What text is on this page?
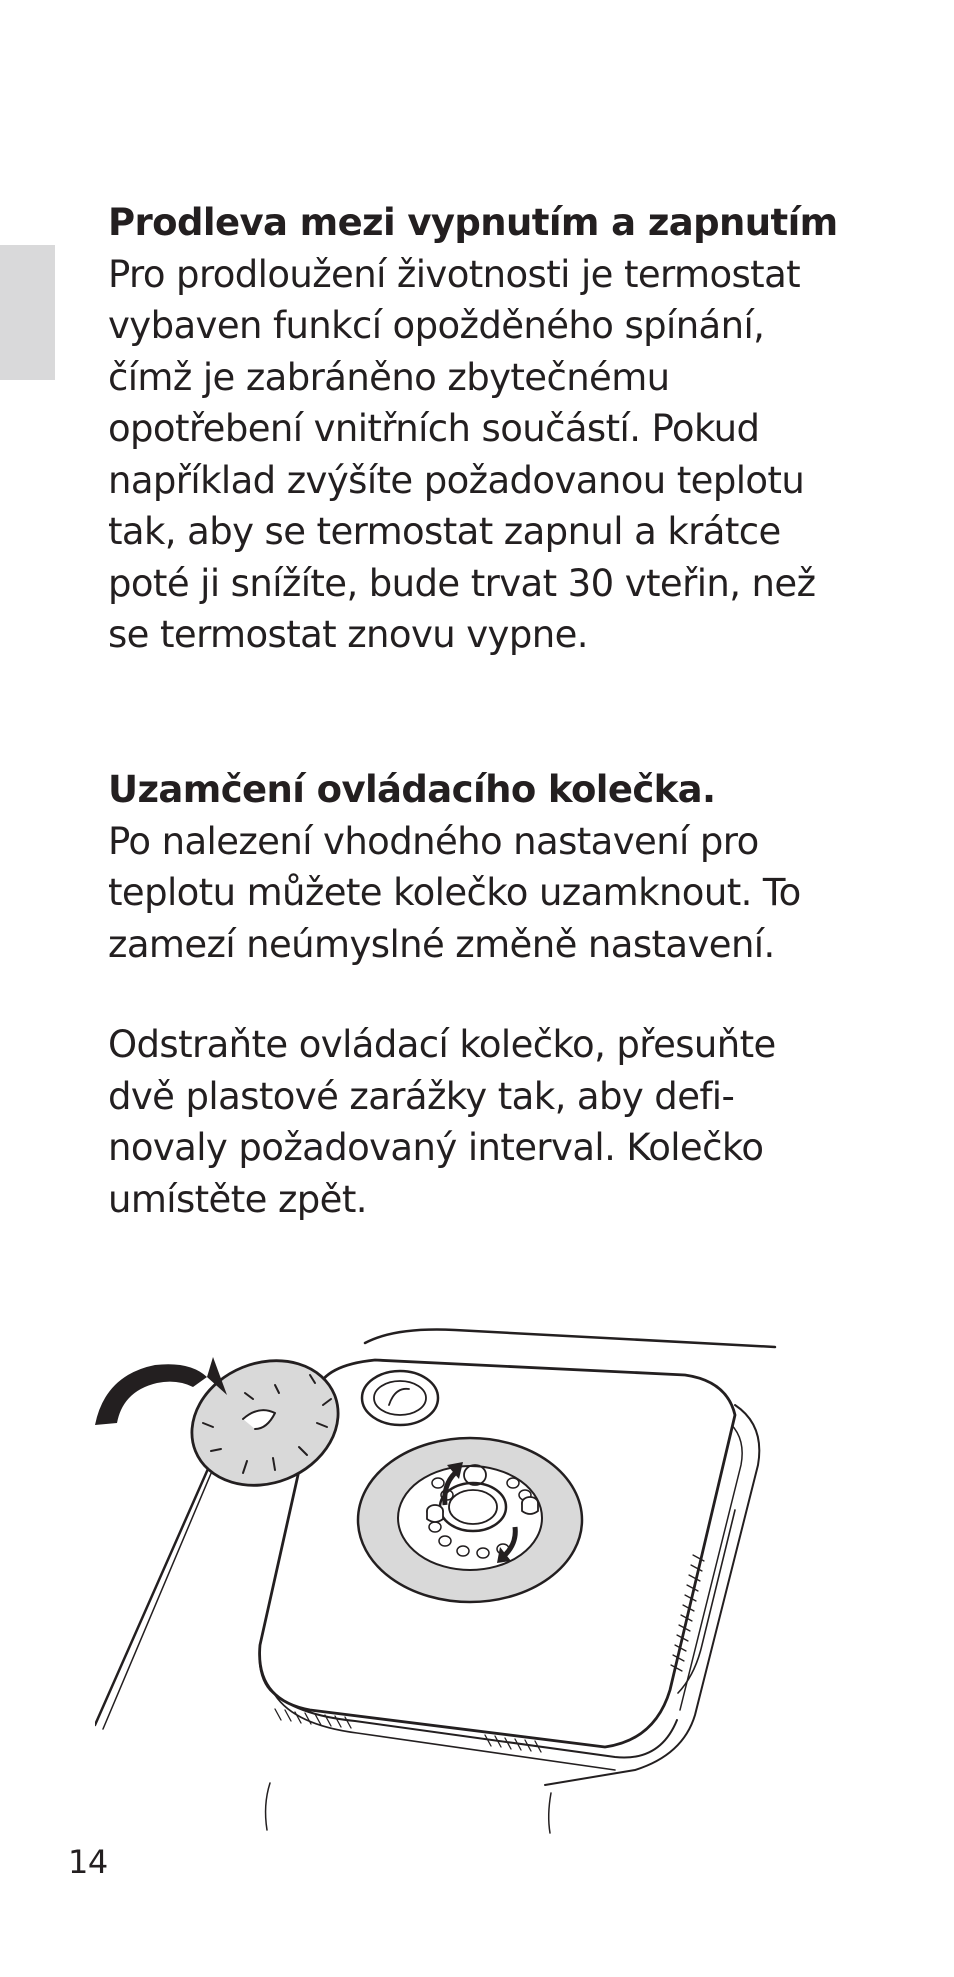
Prodleva mezi vypnutím a zapnutím
Pro prodloužení životnosti je termostat
vybaven funkcí opožděného spínání,
čímž je zabráněno zbytečnému
opotřebení vnitřních součástí. Pokud
například zvýšíte požadovanou teplotu
tak, aby se termostat zapnul a krátce
poté ji snížíte, bude trvat 30 vteřin, než
se termostat znovu vypne.
Uzamčení ovládacího kolečka.
Po nalezení vhodného nastavení pro
teplotu můžete kolečko uzamknout. To
zamezí neúmyslné změně nastavení.
Odstraňte ovládací kolečko, přesuňte
dvě plastové zarážky tak, aby defi-
novaly požadovaný interval. Kolečko
umístěte zpět.
14
